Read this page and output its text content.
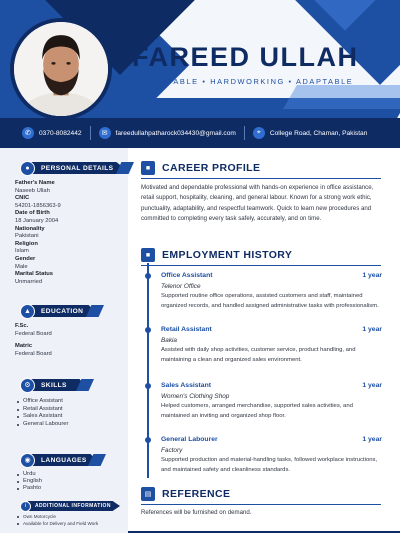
FAREED ULLAH
DEPENDABLE • HARDWORKING • ADAPTABLE
✆	0370-8082442	✉	fareedullahpatharock034430@gmail.com	⌖	College Road, Chaman, Pakistan
●	PERSONAL DETAILS
Father's Name
Naseeb Ullah
CNIC
54201-1856363-9
Date of Birth
18 January 2004
Nationality
Pakistani
Religion
Islam
Gender
Male
Marital Status
Unmarried
▲	EDUCATION
F.Sc.
Federal Board
Matric
Federal Board
⚙	SKILLS
Office Assistant
Retail Assistant
Sales Assistant
General Labourer
◉	LANGUAGES
Urdu
English
Pashto
i	ADDITIONAL INFORMATION
Own Motorcycle
Available for Delivery and Field Work
■	CAREER PROFILE
Motivated and dependable professional with hands-on experience in office assistance, retail support, hospitality, cleaning, and general labour. Known for a strong work ethic, punctuality, adaptability, and respectful teamwork. Quick to learn new procedures and committed to completing every task safely, accurately, and on time.
■	EMPLOYMENT HISTORY
Office Assistant	1 year
Telenor Office
Supported routine office operations, assisted customers and staff, maintained organized records, and handled assigned administrative tasks with professionalism.
Retail Assistant	1 year
Bakia
Assisted with daily shop activities, customer service, product handling, and maintaining a clean and organized sales environment.
Sales Assistant	1 year
Women's Clothing Shop
Helped customers, arranged merchandise, supported sales activities, and maintained an inviting and organized shop floor.
General Labourer	1 year
Factory
Supported production and material-handling tasks, followed workplace instructions, and maintained safety and cleanliness standards.
▤	REFERENCE
References will be furnished on demand.
